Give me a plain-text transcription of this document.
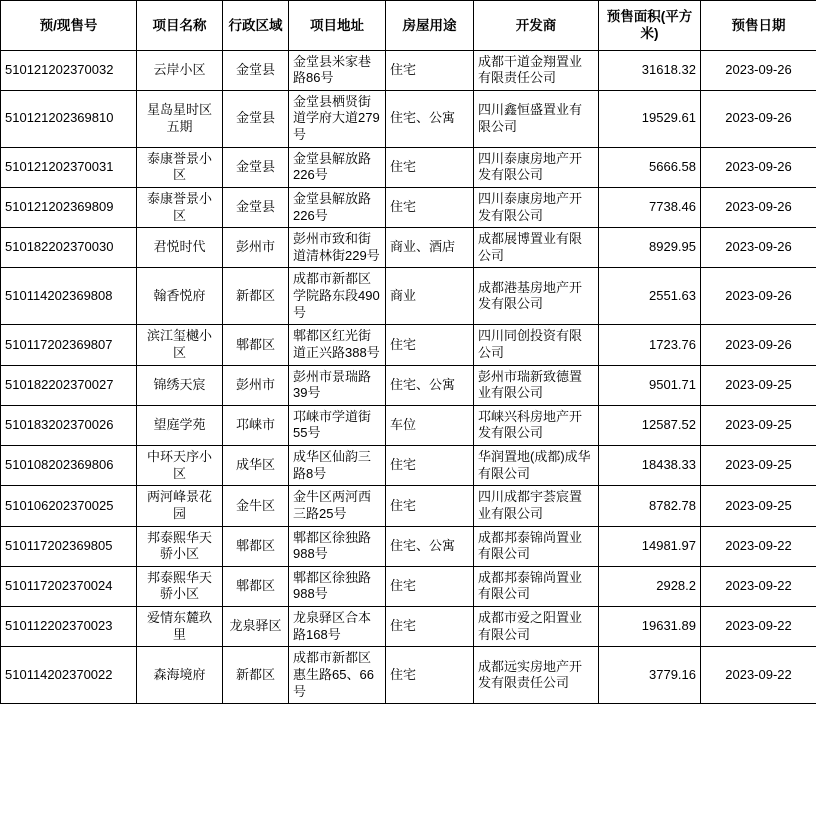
预/现售号	项目名称	行政区域	项目地址	房屋用途	开发商	预售面积(平方米)	预售日期
510121202370032	云岸小区	金堂县	金堂县米家巷路86号	住宅	成都干道金翔置业有限责任公司	31618.32	2023-09-26
510121202369810	星岛星时区五期	金堂县	金堂县栖贤街道学府大道279号	住宅、公寓	四川鑫恒盛置业有限公司	19529.61	2023-09-26
510121202370031	泰康誉景小区	金堂县	金堂县解放路226号	住宅	四川泰康房地产开发有限公司	5666.58	2023-09-26
510121202369809	泰康誉景小区	金堂县	金堂县解放路226号	住宅	四川泰康房地产开发有限公司	7738.46	2023-09-26
510182202370030	君悦时代	彭州市	彭州市致和街道清林街229号	商业、酒店	成都展博置业有限公司	8929.95	2023-09-26
510114202369808	翰香悦府	新都区	成都市新都区学院路东段490号	商业	成都港基房地产开发有限公司	2551.63	2023-09-26
510117202369807	滨江玺樾小区	郫都区	郫都区红光街道正兴路388号	住宅	四川同创投资有限公司	1723.76	2023-09-26
510182202370027	锦绣天宸	彭州市	彭州市景瑞路39号	住宅、公寓	彭州市瑞新致德置业有限公司	9501.71	2023-09-25
510183202370026	望庭学苑	邛崃市	邛崃市学道街55号	车位	邛崃兴科房地产开发有限公司	12587.52	2023-09-25
510108202369806	中环天序小区	成华区	成华区仙韵三路8号	住宅	华润置地(成都)成华有限公司	18438.33	2023-09-25
510106202370025	两河峰景花园	金牛区	金牛区两河西三路25号	住宅	四川成都宇荟宸置业有限公司	8782.78	2023-09-25
510117202369805	邦泰熙华天骄小区	郫都区	郫都区徐独路988号	住宅、公寓	成都邦泰锦尚置业有限公司	14981.97	2023-09-22
510117202370024	邦泰熙华天骄小区	郫都区	郫都区徐独路988号	住宅	成都邦泰锦尚置业有限公司	2928.2	2023-09-22
510112202370023	爱情东麓玖里	龙泉驿区	龙泉驿区合本路168号	住宅	成都市爱之阳置业有限公司	19631.89	2023-09-22
510114202370022	森海境府	新都区	成都市新都区惠生路65、66号	住宅	成都远实房地产开发有限责任公司	3779.16	2023-09-22
